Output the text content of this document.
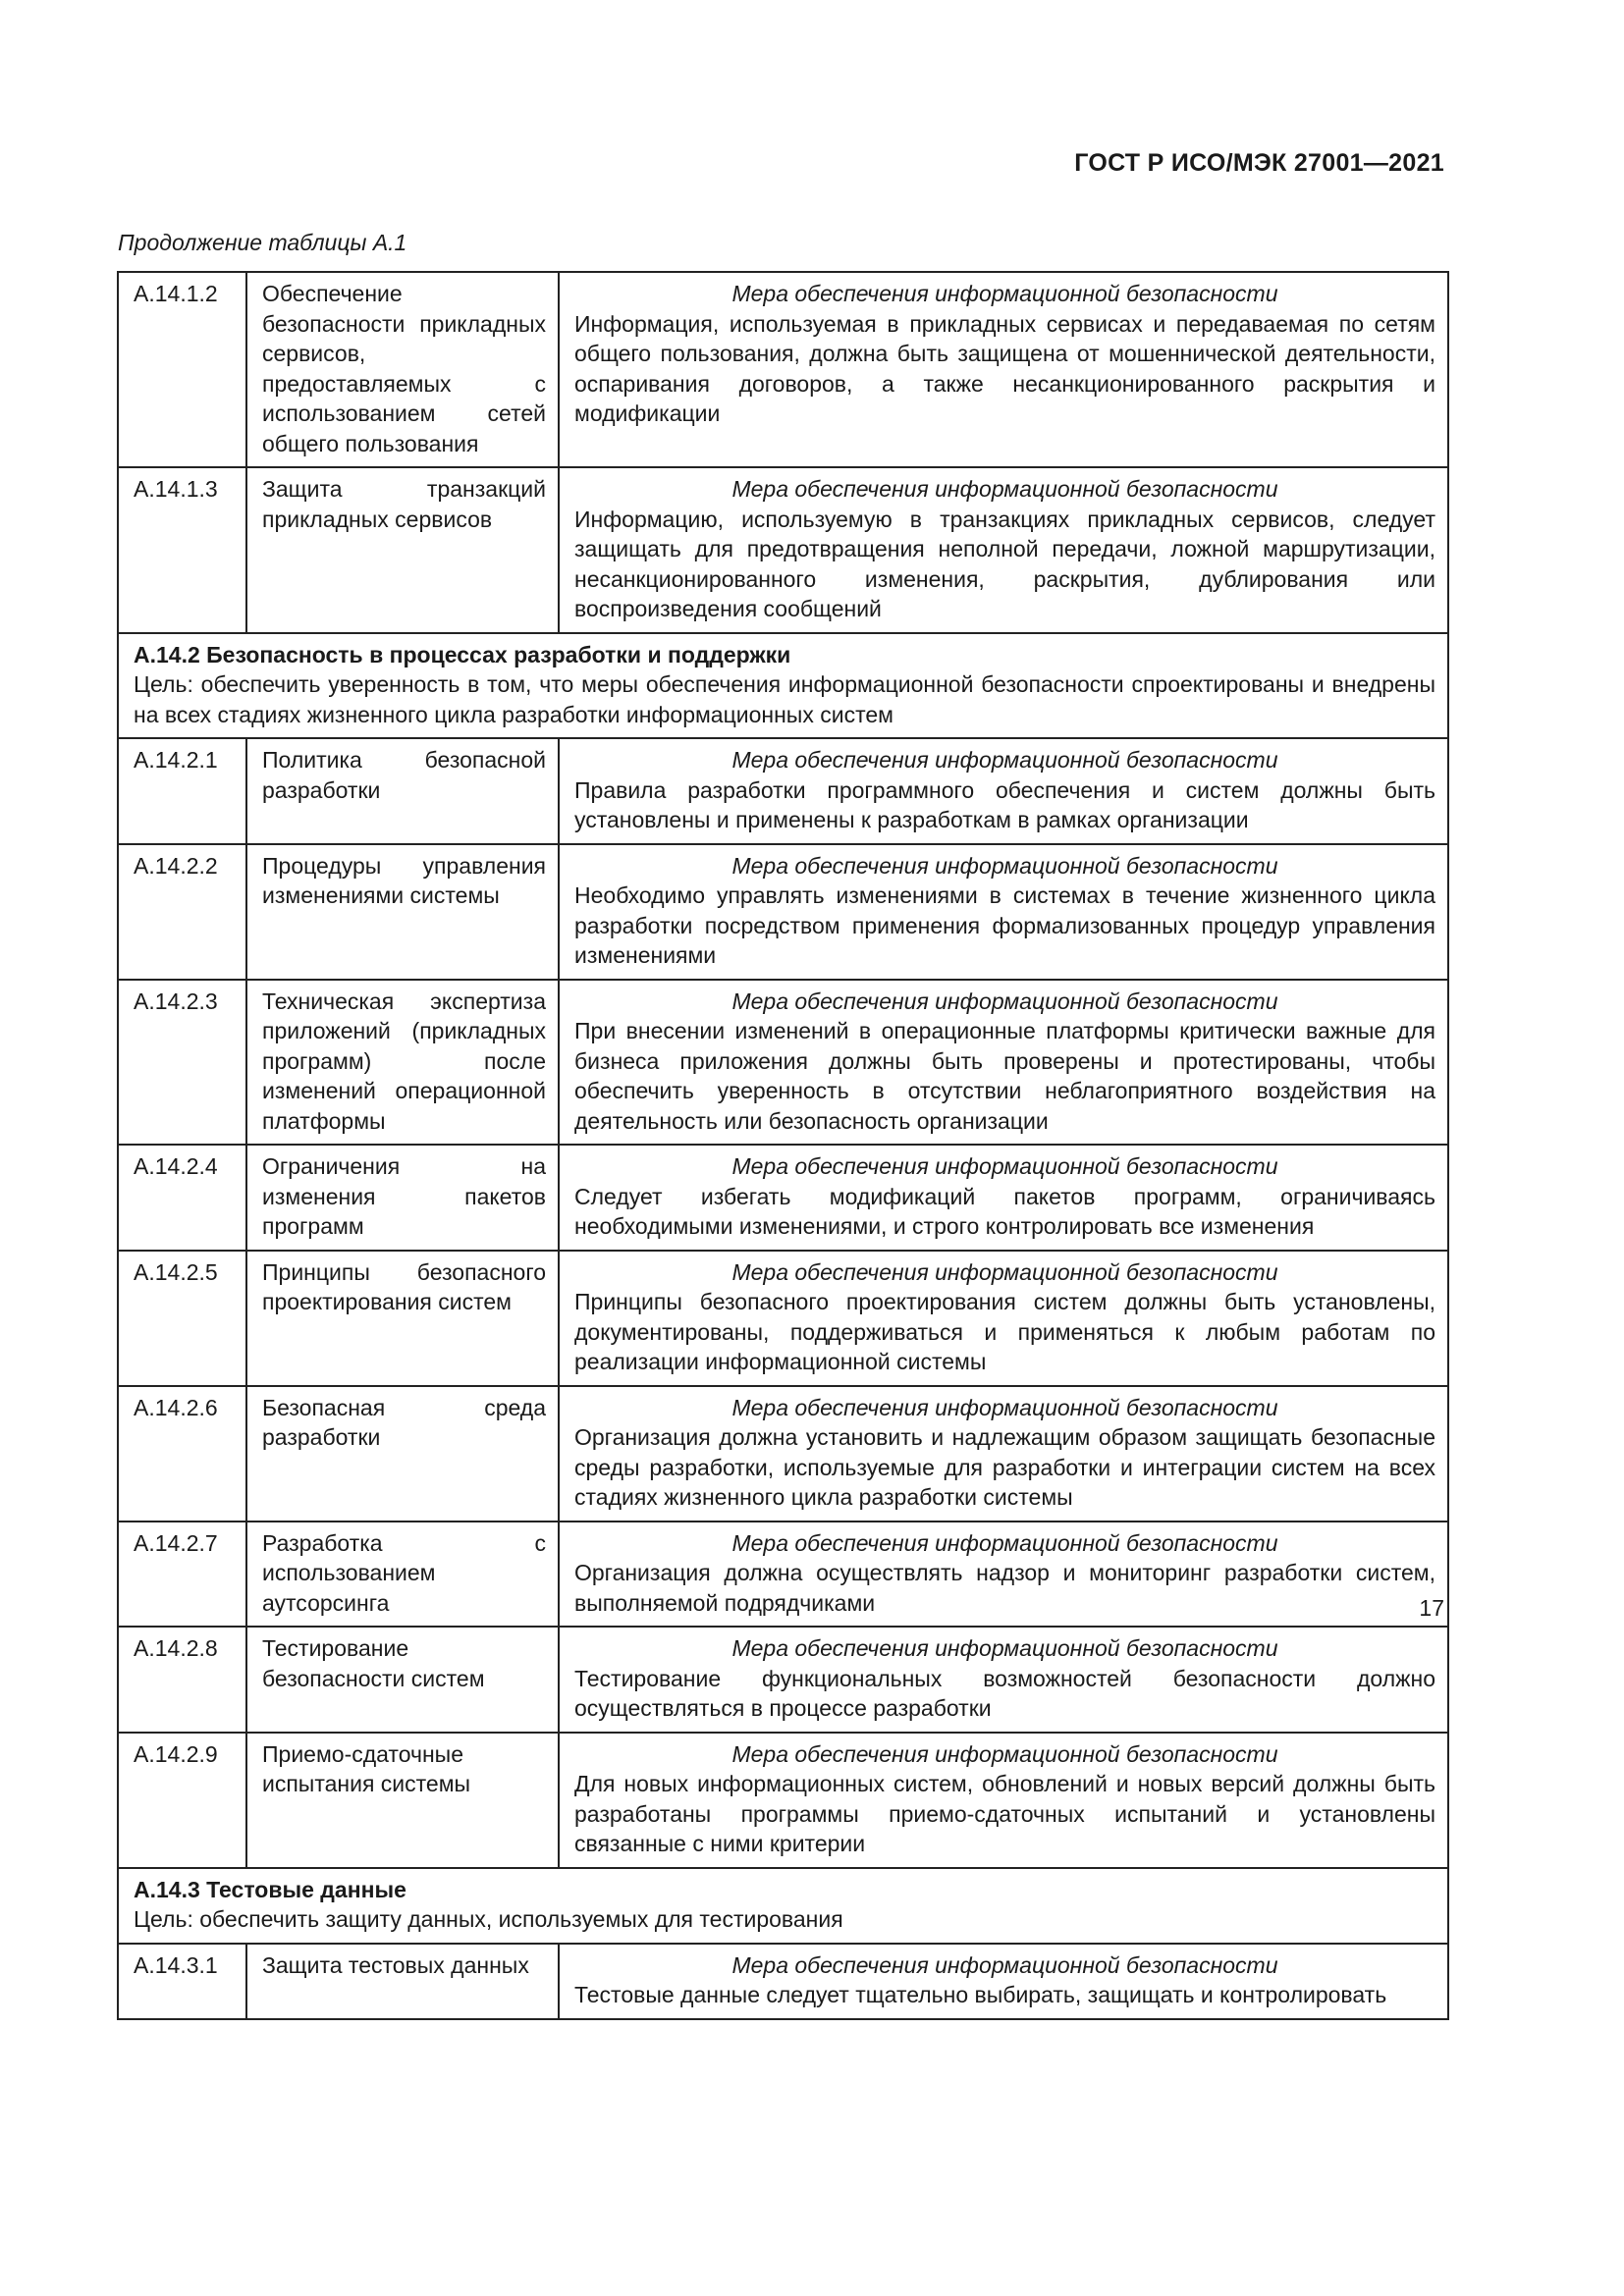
ГОСТ Р ИСО/МЭК 27001—2021
Продолжение таблицы А.1
А.14.1.2	Обеспечение безопасности прикладных сервисов, предоставляемых с использованием сетей общего пользования	Мера обеспечения информационной безопасности
Информация, используемая в прикладных сервисах и передаваемая по сетям общего пользования, должна быть защищена от мошеннической деятельности, оспаривания договоров, а также несанкционированного раскрытия и модификации

А.14.1.3	Защита транзакций прикладных сервисов	Мера обеспечения информационной безопасности
Информацию, используемую в транзакциях прикладных сервисов, следует защищать для предотвращения неполной передачи, ложной маршрутизации, несанкционированного изменения, раскрытия, дублирования или воспроизведения сообщений

А.14.2 Безопасность в процессах разработки и поддержки
Цель: обеспечить уверенность в том, что меры обеспечения информационной безопасности спроектированы и внедрены на всех стадиях жизненного цикла разработки информационных систем		

А.14.2.1	Политика безопасной разработки	Мера обеспечения информационной безопасности
Правила разработки программного обеспечения и систем должны быть установлены и применены к разработкам в рамках организации

А.14.2.2	Процедуры управления изменениями системы	Мера обеспечения информационной безопасности
Необходимо управлять изменениями в системах в течение жизненного цикла разработки посредством применения формализованных процедур управления изменениями

А.14.2.3	Техническая экспертиза приложений (прикладных программ) после изменений операционной платформы	Мера обеспечения информационной безопасности
При внесении изменений в операционные платформы критически важные для бизнеса приложения должны быть проверены и протестированы, чтобы обеспечить уверенность в отсутствии неблагоприятного воздействия на деятельность или безопасность организации

А.14.2.4	Ограничения на изменения пакетов программ	Мера обеспечения информационной безопасности
Следует избегать модификаций пакетов программ, ограничиваясь необходимыми изменениями, и строго контролировать все изменения

А.14.2.5	Принципы безопасного проектирования систем	Мера обеспечения информационной безопасности
Принципы безопасного проектирования систем должны быть установлены, документированы, поддерживаться и применяться к любым работам по реализации информационной системы

А.14.2.6	Безопасная среда разработки	Мера обеспечения информационной безопасности
Организация должна установить и надлежащим образом защищать безопасные среды разработки, используемые для разработки и интеграции систем на всех стадиях жизненного цикла разработки системы

А.14.2.7	Разработка с использованием аутсорсинга	Мера обеспечения информационной безопасности
Организация должна осуществлять надзор и мониторинг разработки систем, выполняемой подрядчиками

А.14.2.8	Тестирование безопасности систем	Мера обеспечения информационной безопасности
Тестирование функциональных возможностей безопасности должно осуществляться в процессе разработки

А.14.2.9	Приемо-сдаточные испытания системы	Мера обеспечения информационной безопасности
Для новых информационных систем, обновлений и новых версий должны быть разработаны программы приемо-сдаточных испытаний и установлены связанные с ними критерии

А.14.3 Тестовые данные
Цель: обеспечить защиту данных, используемых для тестирования		

А.14.3.1	Защита тестовых данных	Мера обеспечения информационной безопасности
Тестовые данные следует тщательно выбирать, защищать и контролировать
17
